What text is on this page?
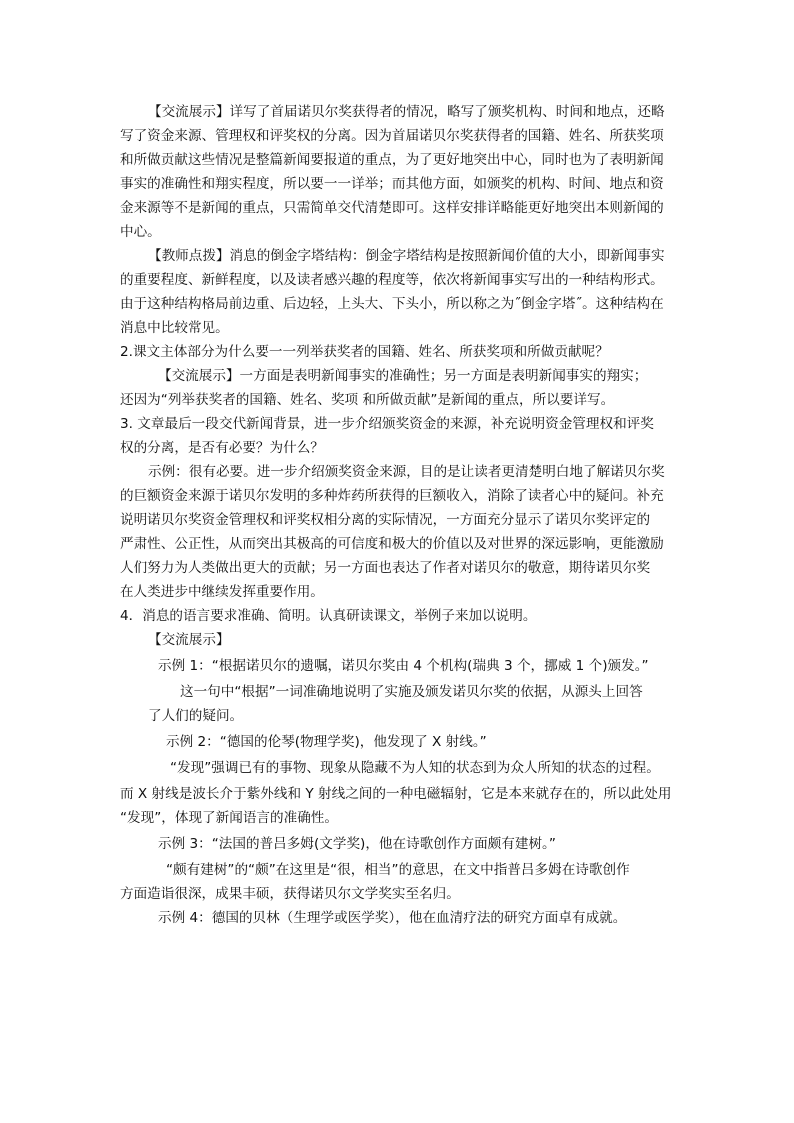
【交流展示】详写了首届诺贝尔奖获得者的情况，略写了颁奖机构、时间和地点，还略
写了资金来源、管理权和评奖权的分离。因为首届诺贝尔奖获得者的国籍、姓名、所获奖项
和所做贡献这些情况是整篇新闻要报道的重点，为了更好地突出中心，同时也为了表明新闻
事实的准确性和翔实程度，所以要一一详举；而其他方面，如颁奖的机构、时间、地点和资
金来源等不是新闻的重点，只需简单交代清楚即可。这样安排详略能更好地突出本则新闻的
中心。
【教师点拨】消息的倒金字塔结构：倒金字塔结构是按照新闻价值的大小，即新闻事实
的重要程度、新鲜程度，以及读者感兴趣的程度等，依次将新闻事实写出的一种结构形式。
由于这种结构格局前边重、后边轻，上头大、下头小，所以称之为˝倒金字塔˝。这种结构在
消息中比较常见。
2.课文主体部分为什么要一一列举获奖者的国籍、姓名、所获奖项和所做贡献呢？
【交流展示】一方面是表明新闻事实的准确性；另一方面是表明新闻事实的翔实；
还因为“列举获奖者的国籍、姓名、奖项 和所做贡献”是新闻的重点，所以要详写。
3. 文章最后一段交代新闻背景，进一步介绍颁奖资金的来源，补充说明资金管理权和评奖
权的分离，是否有必要？为什么？
示例：很有必要。进一步介绍颁奖资金来源，目的是让读者更清楚明白地了解诺贝尔奖
的巨额资金来源于诺贝尔发明的多种炸药所获得的巨额收入，消除了读者心中的疑问。补充
说明诺贝尔奖资金管理权和评奖权相分离的实际情况，一方面充分显示了诺贝尔奖评定的
严肃性、公正性，从而突出其极高的可信度和极大的价值以及对世界的深远影响，更能激励
人们努力为人类做出更大的贡献；另一方面也表达了作者对诺贝尔的敬意，期待诺贝尔奖
在人类进步中继续发挥重要作用。
4．消息的语言要求准确、简明。认真研读课文，举例子来加以说明。
【交流展示】
示例 1：“根据诺贝尔的遗嘱，诺贝尔奖由 4 个机构(瑞典 3 个，挪威 1 个)颁发。”
这一句中“根据”一词准确地说明了实施及颁发诺贝尔奖的依据，从源头上回答
了人们的疑问。
示例 2：“德国的伦琴(物理学奖)，他发现了 X 射线。”
“发现”强调已有的事物、现象从隐藏不为人知的状态到为众人所知的状态的过程。
而 X 射线是波长介于紫外线和 Y 射线之间的一种电磁辐射，它是本来就存在的，所以此处用
“发现”，体现了新闻语言的准确性。
示例 3：“法国的普吕多姆(文学奖)，他在诗歌创作方面颇有建树。”
“颇有建树”的“颇”在这里是“很，相当”的意思，在文中指普吕多姆在诗歌创作
方面造诣很深，成果丰硕，获得诺贝尔文学奖实至名归。
示例 4：德国的贝林（生理学或医学奖），他在血清疗法的研究方面卓有成就。
